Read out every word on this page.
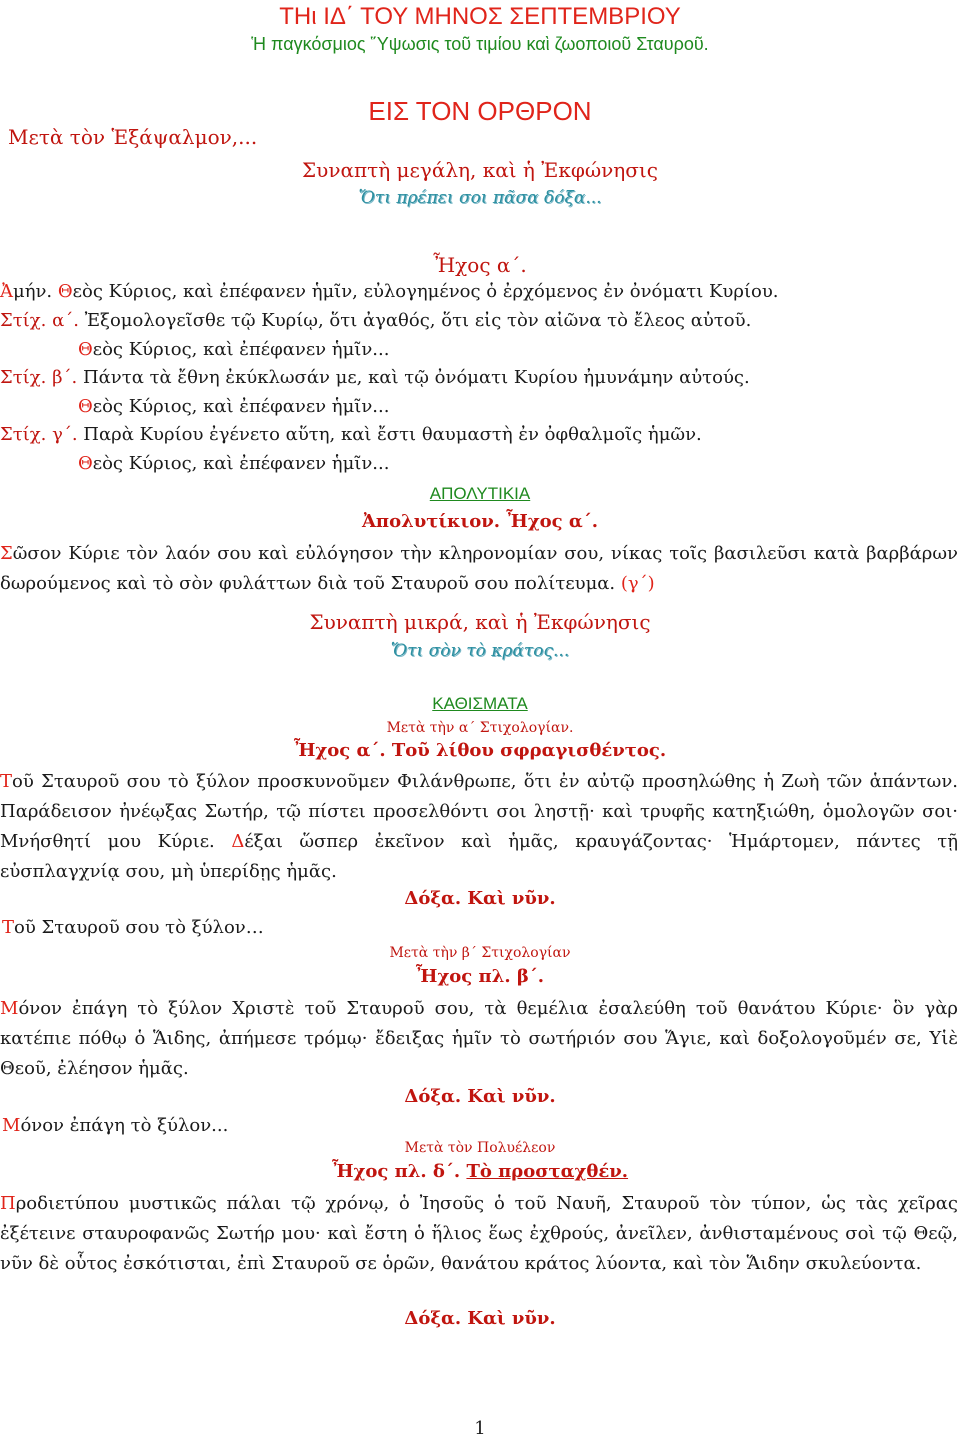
ΤΗι ΙΔ΄ ΤΟΥ ΜΗΝΟΣ ΣΕΠΤΕΜΒΡΙΟΥ
Ἡ παγκόσμιος Ὕψωσις τοῦ τιμίου καὶ ζωοποιοῦ Σταυροῦ.
Μετὰ τὸν Ἑξάψαλμον,...
ΕΙΣ ΤΟΝ ΟΡΘΡΟΝ
Συναπτὴ μεγάλη, καὶ ἡ Ἐκφώνησις
Ὅτι πρέπει σοι πᾶσα δόξα...
Ἦχος α΄.
Ἀμήν. Θεὸς Κύριος, καὶ ἐπέφανεν ἡμῖν, εὐλογημένος ὁ ἐρχόμενος ἐν ὀνόματι Κυρίου.
Στίχ. α΄. Ἐξομολογεῖσθε τῷ Κυρίῳ, ὅτι ἀγαθός, ὅτι εἰς τὸν αἰῶνα τὸ ἔλεος αὐτοῦ.
Θεὸς Κύριος, καὶ ἐπέφανεν ἡμῖν...
Στίχ. β΄. Πάντα τὰ ἔθνη ἐκύκλωσάν με, καὶ τῷ ὀνόματι Κυρίου ἠμυνάμην αὐτούς.
Θεὸς Κύριος, καὶ ἐπέφανεν ἡμῖν...
Στίχ. γ΄. Παρὰ Κυρίου ἐγένετο αὕτη, καὶ ἔστι θαυμαστὴ ἐν ὀφθαλμοῖς ἡμῶν.
Θεὸς Κύριος, καὶ ἐπέφανεν ἡμῖν...
ΑΠΟΛΥΤΙΚΙΑ
Ἀπολυτίκιον. Ἦχος α΄.
Σῶσον Κύριε τὸν λαόν σου καὶ εὐλόγησον τὴν κληρονομίαν σου, νίκας τοῖς βασιλεῦσι κατὰ βαρβάρων δωρούμενος καὶ τὸ σὸν φυλάττων διὰ τοῦ Σταυροῦ σου πολίτευμα. (γ΄)
Συναπτὴ μικρά, καὶ ἡ Ἐκφώνησις
Ὅτι σὸν τὸ κράτος...
ΚΑΘΙΣΜΑΤΑ
Μετὰ τὴν α΄ Στιχολογίαν.
Ἦχος α΄. Τοῦ λίθου σφραγισθέντος.
Τοῦ Σταυροῦ σου τὸ ξύλον προσκυνοῦμεν Φιλάνθρωπε, ὅτι ἐν αὐτῷ προσηλώθης ἡ Ζωὴ τῶν ἁπάντων. Παράδεισον ἠνέῳξας Σωτήρ, τῷ πίστει προσελθόντι σοι ληστῇ· καὶ τρυφῆς κατηξιώθη, ὁμολογῶν σοι· Μνήσθητί μου Κύριε. Δέξαι ὥσπερ ἐκεῖνον καὶ ἡμᾶς, κραυγάζοντας· Ἡμάρτομεν, πάντες τῇ εὐσπλαγχνίᾳ σου, μὴ ὑπερίδῃς ἡμᾶς.
Δόξα. Καὶ νῦν.
Τοῦ Σταυροῦ σου τὸ ξύλον…
Μετὰ τὴν β΄ Στιχολογίαν
Ἦχος πλ. β΄.
Μόνον ἐπάγη τὸ ξύλον Χριστὲ τοῦ Σταυροῦ σου, τὰ θεμέλια ἐσαλεύθη τοῦ θανάτου Κύριε· ὃν γὰρ κατέπιε πόθῳ ὁ Ἅιδης, ἀπήμεσε τρόμῳ· ἔδειξας ἡμῖν τὸ σωτήριόν σου Ἅγιε, καὶ δοξολογοῦμέν σε, Υἱὲ Θεοῦ, ἐλέησον ἡμᾶς.
Δόξα. Καὶ νῦν.
Μόνον ἐπάγη τὸ ξύλον...
Μετὰ τὸν Πολυέλεον
Ἦχος πλ. δ΄. Τὸ προσταχθέν.
Προδιετύπου μυστικῶς πάλαι τῷ χρόνῳ, ὁ Ἰησοῦς ὁ τοῦ Ναυῆ, Σταυροῦ τὸν τύπον, ὡς τὰς χεῖρας ἐξέτεινε σταυροφανῶς Σωτήρ μου· καὶ ἔστη ὁ ἥλιος ἕως ἐχθρούς, ἀνεῖλεν, ἀνθισταμένους σοὶ τῷ Θεῷ, νῦν δὲ οὗτος ἐσκότισται, ἐπὶ Σταυροῦ σε ὁρῶν, θανάτου κράτος λύοντα, καὶ τὸν Ἅιδην σκυλεύοντα.
Δόξα. Καὶ νῦν.
1
